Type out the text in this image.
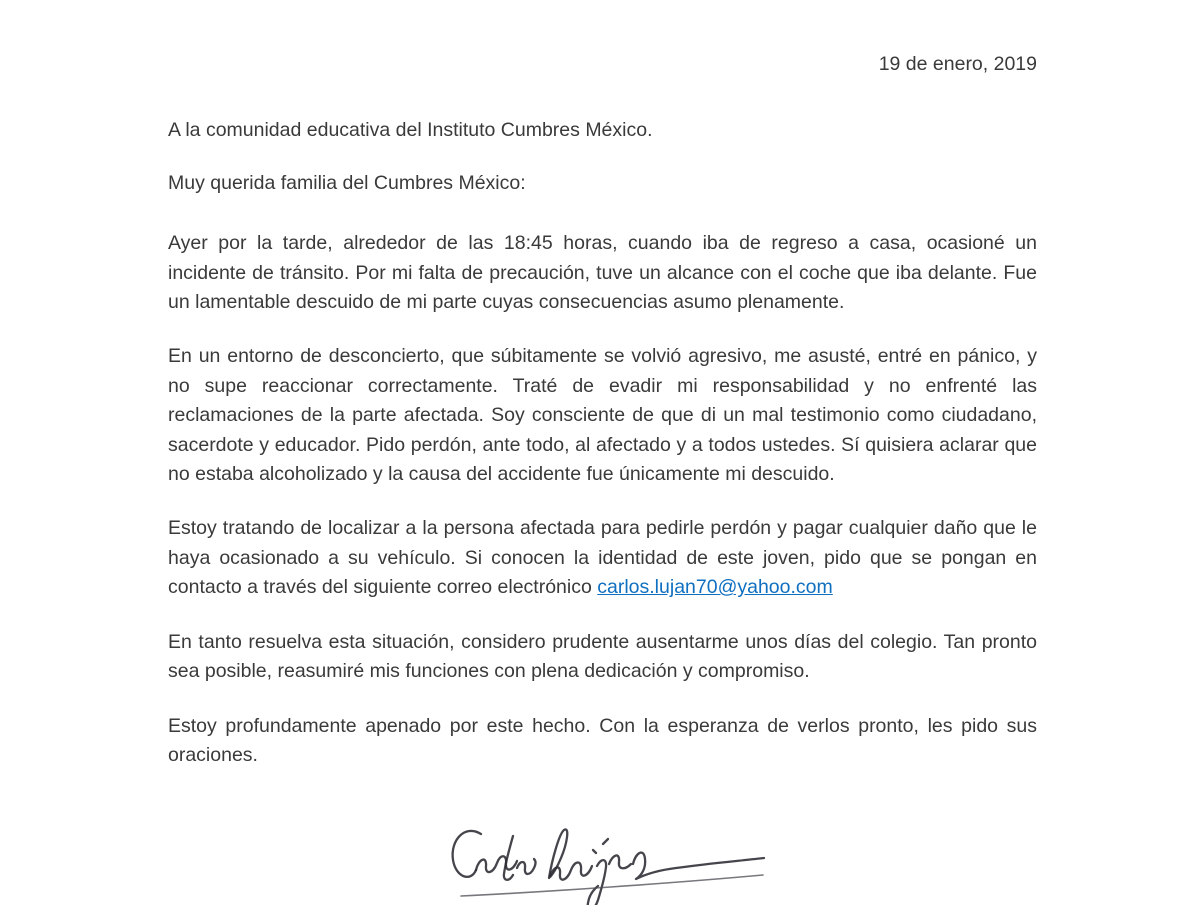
19 de enero, 2019

A la comunidad educativa del Instituto Cumbres México.

Muy querida familia del Cumbres México:

Ayer por la tarde, alrededor de las 18:45 horas, cuando iba de regreso a casa, ocasioné un incidente de tránsito. Por mi falta de precaución, tuve un alcance con el coche que iba delante. Fue un lamentable descuido de mi parte cuyas consecuencias asumo plenamente.

En un entorno de desconcierto, que súbitamente se volvió agresivo, me asusté, entré en pánico, y no supe reaccionar correctamente. Traté de evadir mi responsabilidad y no enfrenté las reclamaciones de la parte afectada. Soy consciente de que di un mal testimonio como ciudadano, sacerdote y educador. Pido perdón, ante todo, al afectado y a todos ustedes. Sí quisiera aclarar que no estaba alcoholizado y la causa del accidente fue únicamente mi descuido.

Estoy tratando de localizar a la persona afectada para pedirle perdón y pagar cualquier daño que le haya ocasionado a su vehículo. Si conocen la identidad de este joven, pido que se pongan en contacto a través del siguiente correo electrónico carlos.lujan70@yahoo.com

En tanto resuelva esta situación, considero prudente ausentarme unos días del colegio. Tan pronto sea posible, reasumiré mis funciones con plena dedicación y compromiso.

Estoy profundamente apenado por este hecho. Con la esperanza de verlos pronto, les pido sus oraciones.
